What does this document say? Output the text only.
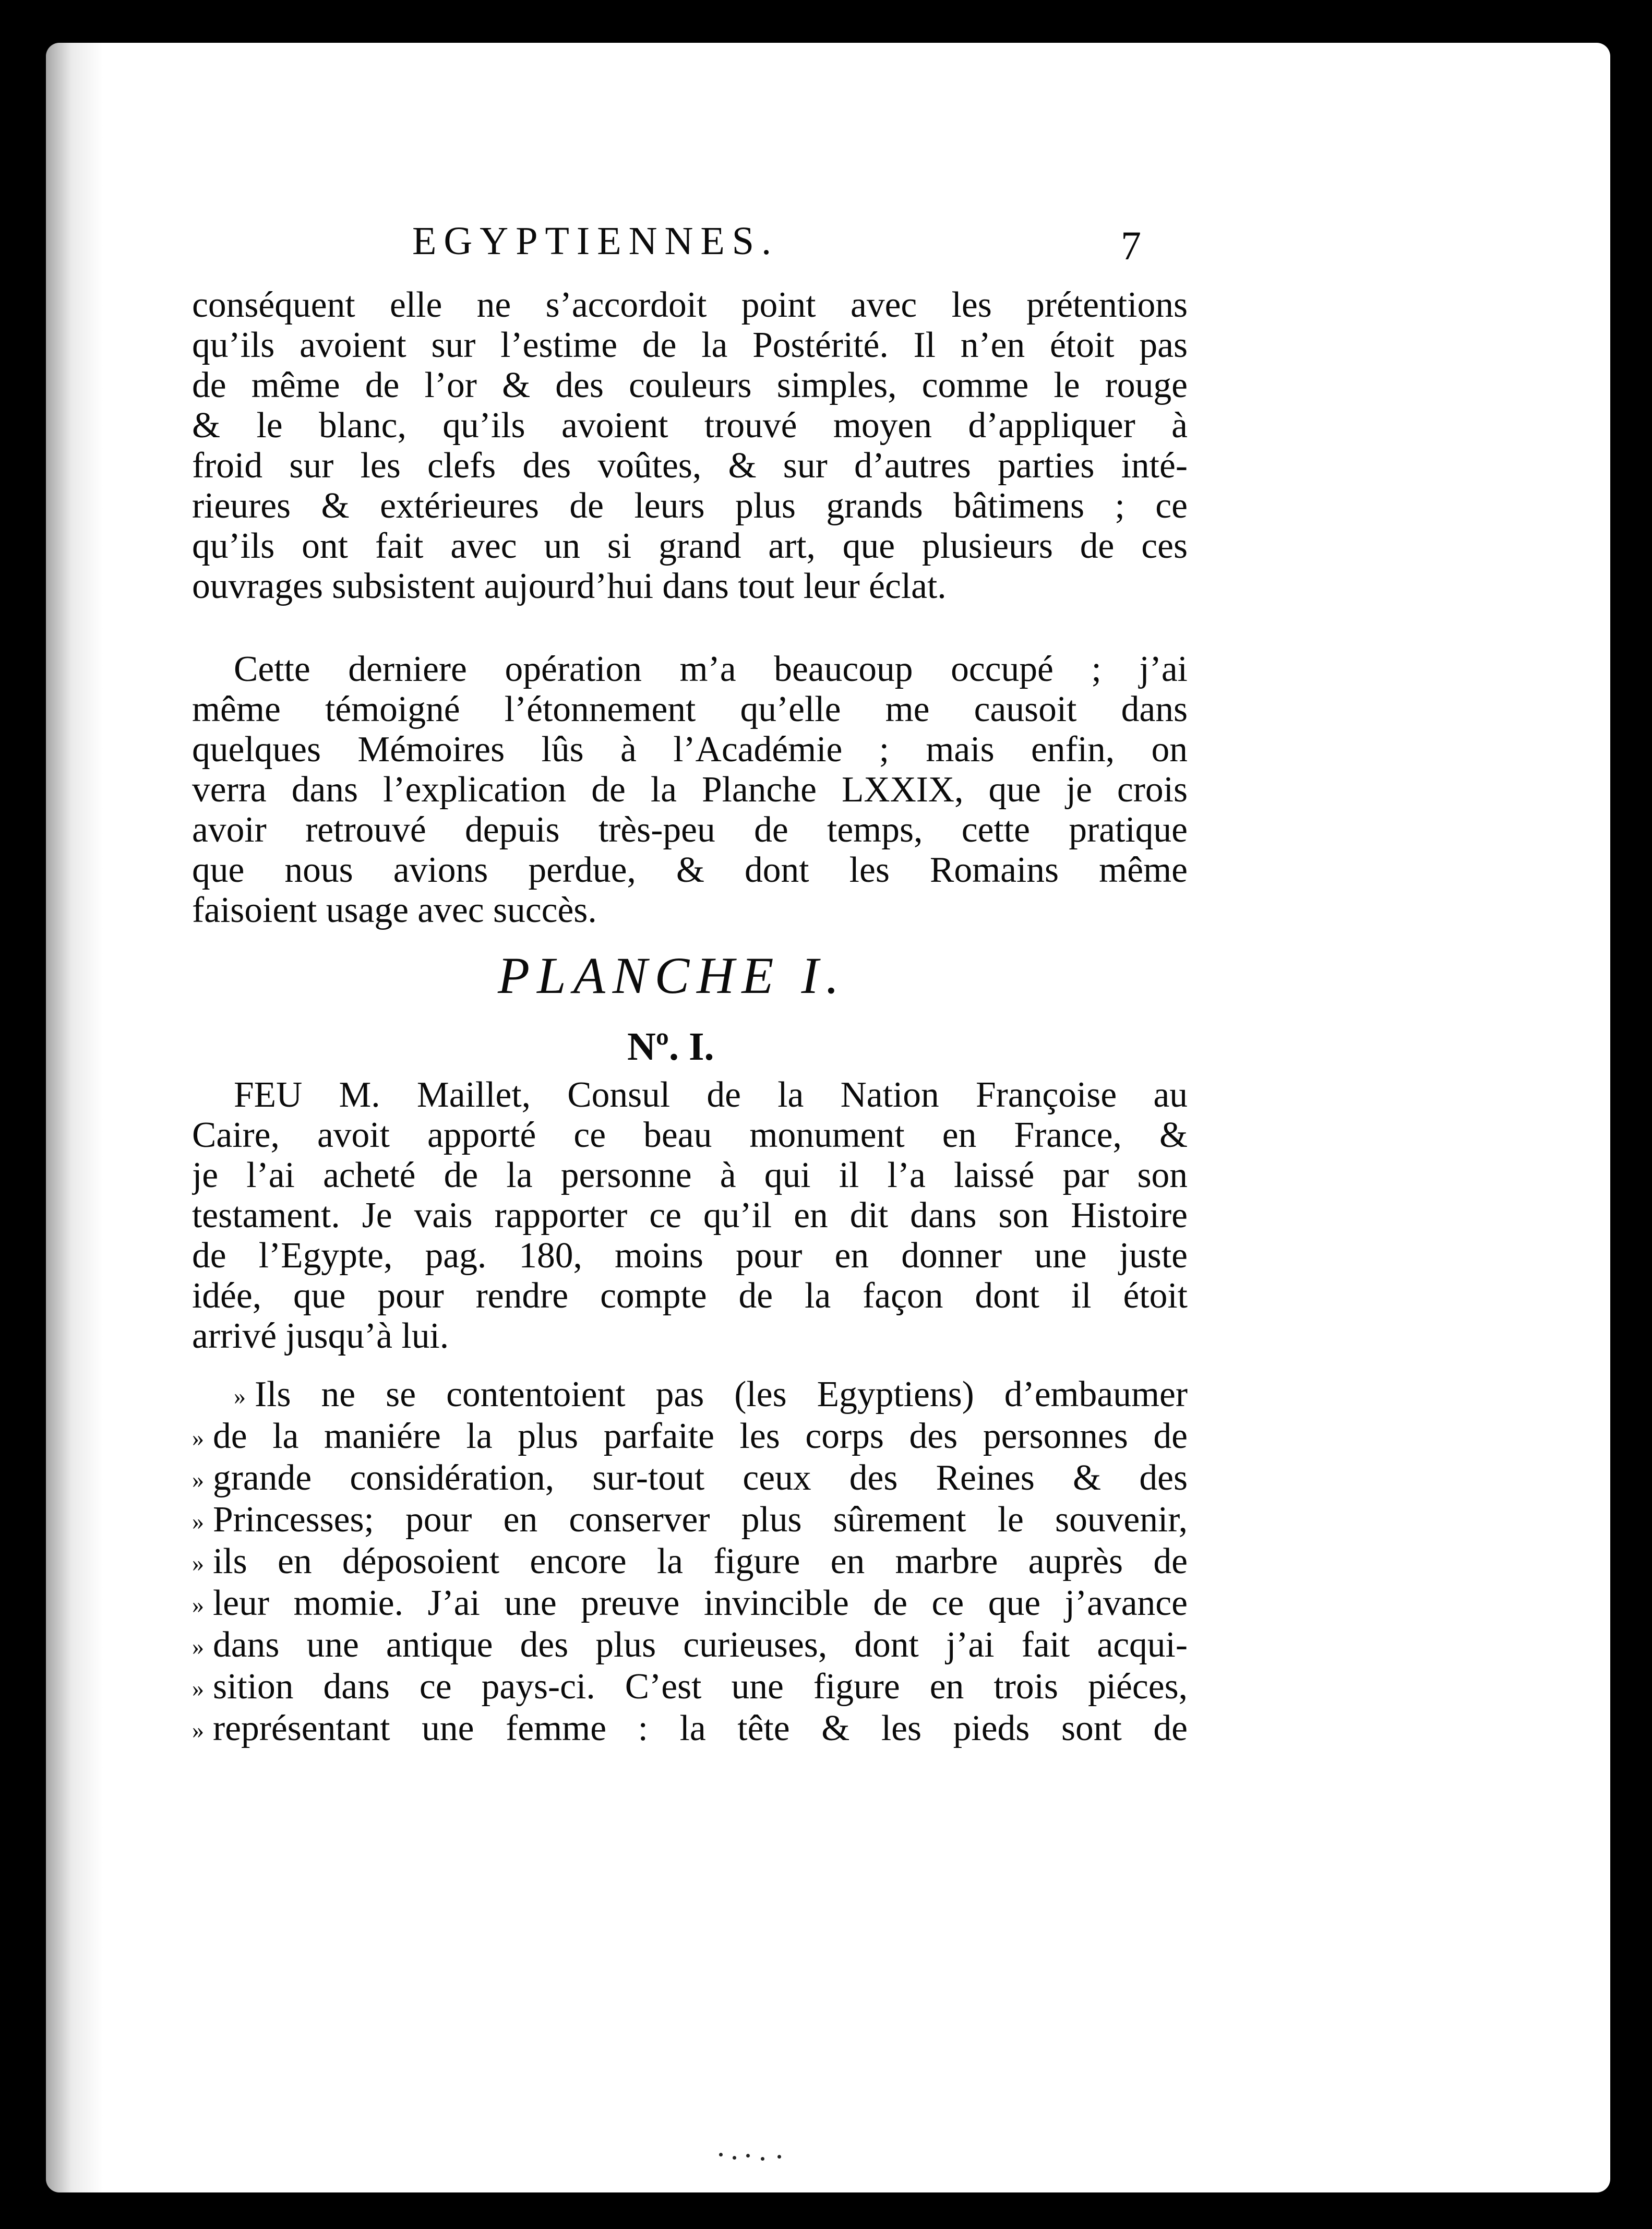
EGYPTIENNES.	7
conséquent elle ne s’accordoit point avec les prétentions
qu’ils avoient sur l’estime de la Postérité. Il n’en étoit pas
de même de l’or & des couleurs simples, comme le rouge
& le blanc, qu’ils avoient trouvé moyen d’appliquer à
froid sur les clefs des voûtes, & sur d’autres parties inté-
rieures & extérieures de leurs plus grands bâtimens ; ce
qu’ils ont fait avec un si grand art, que plusieurs de ces
ouvrages subsistent aujourd’hui dans tout leur éclat.
Cette derniere opération m’a beaucoup occupé ; j’ai
même témoigné l’étonnement qu’elle me causoit dans
quelques Mémoires lûs à l’Académie ; mais enfin, on
verra dans l’explication de la Planche LXXIX, que je crois
avoir retrouvé depuis très-peu de temps, cette pratique
que nous avions perdue, & dont les Romains même
faisoient usage avec succès.
PLANCHE I.
Nº. I.
FEU M. Maillet, Consul de la Nation Françoise au
Caire, avoit apporté ce beau monument en France, &
je l’ai acheté de la personne à qui il l’a laissé par son
testament. Je vais rapporter ce qu’il en dit dans son Histoire
de l’Egypte, pag. 180, moins pour en donner une juste
idée, que pour rendre compte de la façon dont il étoit
arrivé jusqu’à lui.
» Ils ne se contentoient pas (les Egyptiens) d’embaumer
» de la maniére la plus parfaite les corps des personnes de
» grande considération, sur-tout ceux des Reines & des
» Princesses; pour en conserver plus sûrement le souvenir,
» ils en déposoient encore la figure en marbre auprès de
» leur momie. J’ai une preuve invincible de ce que j’avance
» dans une antique des plus curieuses, dont j’ai fait acqui-
» sition dans ce pays-ci. C’est une figure en trois piéces,
» représentant une femme : la tête & les pieds sont de
